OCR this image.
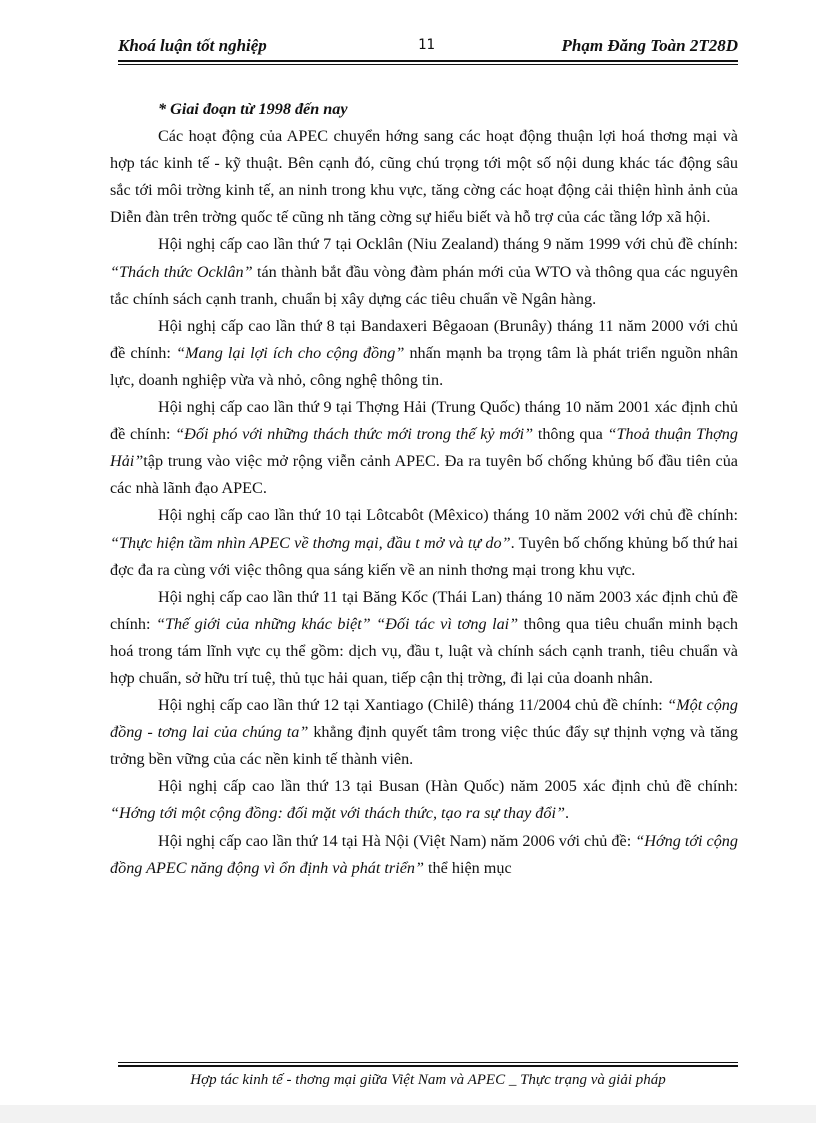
Khoá luận tốt nghiệp	11	Phạm Đăng Toàn 2T28D

* Giai đoạn từ 1998 đến nay

Các hoạt động của APEC chuyển hớng sang các hoạt động thuận lợi hoá thơng mại và hợp tác kinh tế - kỹ thuật. Bên cạnh đó, cũng chú trọng tới một số nội dung khác tác động sâu sắc tới môi trờng kinh tế, an ninh trong khu vực, tăng cờng các hoạt động cải thiện hình ảnh của Diễn đàn trên trờng quốc tế cũng nh tăng cờng sự hiểu biết và hỗ trợ của các tầng lớp xã hội.

Hội nghị cấp cao lần thứ 7 tại Ocklân (Niu Zealand) tháng 9 năm 1999 với chủ đề chính: “Thách thức Ocklân” tán thành bắt đầu vòng đàm phán mới của WTO và thông qua các nguyên tắc chính sách cạnh tranh, chuẩn bị xây dựng các tiêu chuẩn về Ngân hàng.

Hội nghị cấp cao lần thứ 8 tại Bandaxeri Bêgaoan (Brunây) tháng 11 năm 2000 với chủ đề chính: “Mang lại lợi ích cho cộng đồng” nhấn mạnh ba trọng tâm là phát triển nguồn nhân lực, doanh nghiệp vừa và nhỏ, công nghệ thông tin.

Hội nghị cấp cao lần thứ 9 tại Thợng Hải (Trung Quốc) tháng 10 năm 2001 xác định chủ đề chính: “Đối phó với những thách thức mới trong thế kỷ mới” thông qua “Thoả thuận Thợng Hải”tập trung vào việc mở rộng viễn cảnh APEC. Đa ra tuyên bố chống khủng bố đầu tiên của các nhà lãnh đạo APEC.

Hội nghị cấp cao lần thứ 10 tại Lôtcabôt (Mêxico) tháng 10 năm 2002 với chủ đề chính: “Thực hiện tầm nhìn APEC về thơng mại, đầu t mở và tự do”. Tuyên bố chống khủng bố thứ hai đợc đa ra cùng với việc thông qua sáng kiến về an ninh thơng mại trong khu vực.

Hội nghị cấp cao lần thứ 11 tại Băng Kốc (Thái Lan) tháng 10 năm 2003 xác định chủ đề chính: “Thế giới của những khác biệt” “Đối tác vì tơng lai” thông qua tiêu chuẩn minh bạch hoá trong tám lĩnh vực cụ thể gồm: dịch vụ, đầu t, luật và chính sách cạnh tranh, tiêu chuẩn và hợp chuẩn, sở hữu trí tuệ, thủ tục hải quan, tiếp cận thị trờng, đi lại của doanh nhân.

Hội nghị cấp cao lần thứ 12 tại Xantiago (Chilê) tháng 11/2004 chủ đề chính: “Một cộng đồng - tơng lai của chúng ta” khẳng định quyết tâm trong việc thúc đẩy sự thịnh vợng và tăng trởng bền vững của các nền kinh tế thành viên.

Hội nghị cấp cao lần thứ 13 tại Busan (Hàn Quốc) năm 2005 xác định chủ đề chính: “Hớng tới một cộng đồng: đối mặt với thách thức, tạo ra sự thay đổi”.

Hội nghị cấp cao lần thứ 14 tại Hà Nội (Việt Nam) năm 2006 với chủ đề: “Hớng tới cộng đồng APEC năng động vì ổn định và phát triển” thể hiện mục

Hợp tác kinh tế - thơng mại giữa Việt Nam và APEC _ Thực trạng và giải pháp
